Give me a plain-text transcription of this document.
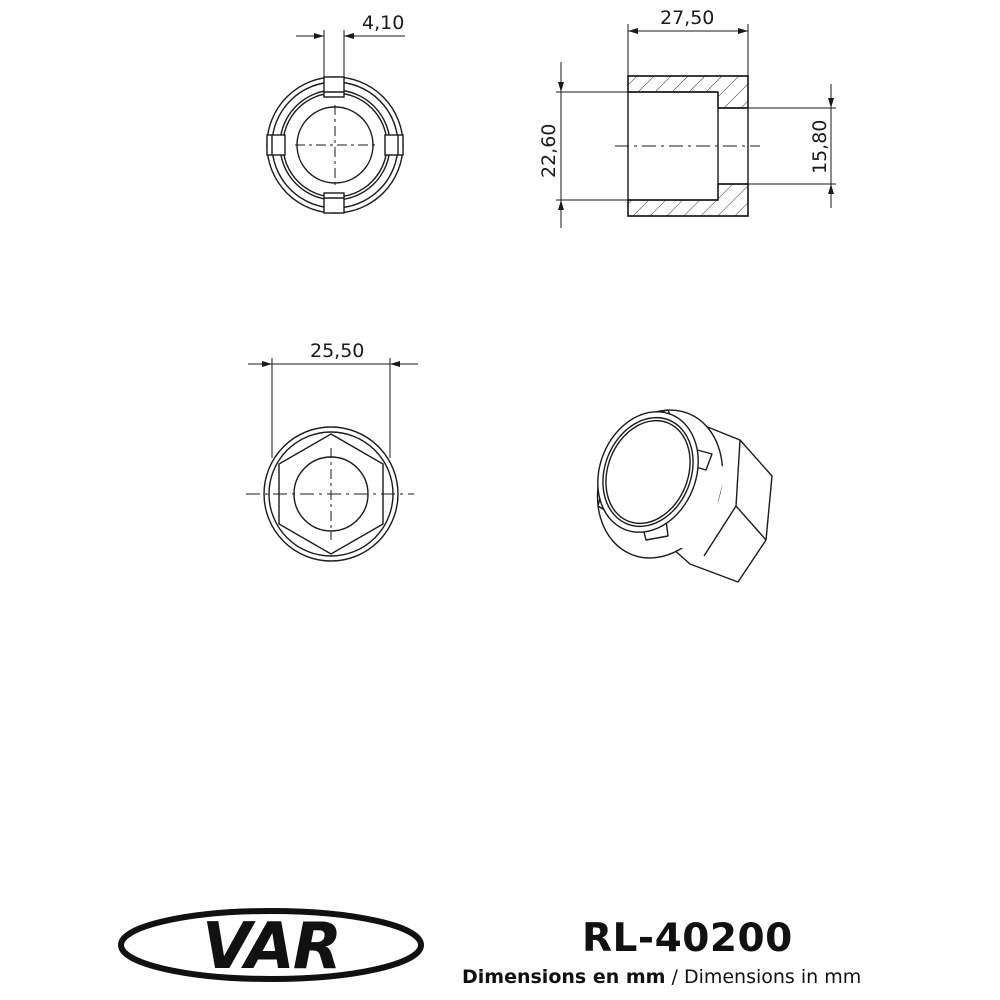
4,10	27,50
22,60	15,80
25,50
VAR	RL-40200
Dimensions en mm / Dimensions in mm
